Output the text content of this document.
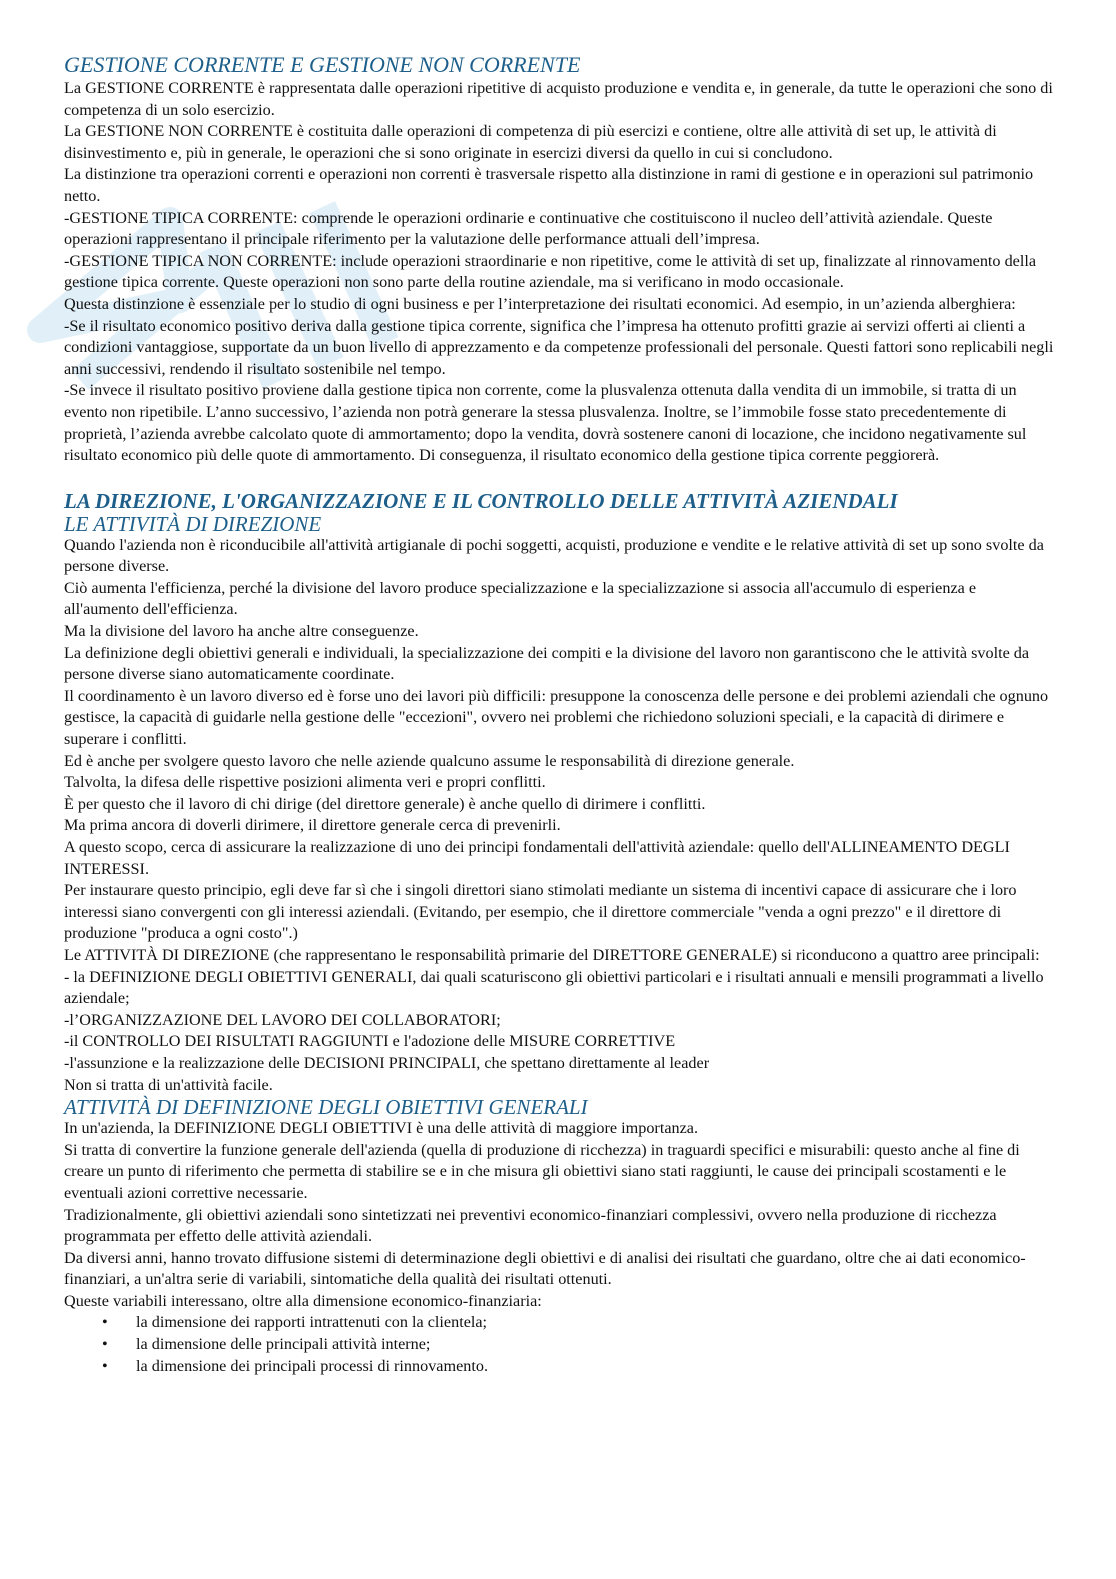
GESTIONE CORRENTE E GESTIONE NON CORRENTE

La GESTIONE CORRENTE è rappresentata dalle operazioni ripetitive di acquisto produzione e vendita e, in generale, da tutte le operazioni che sono di competenza di un solo esercizio.

La GESTIONE NON CORRENTE è costituita dalle operazioni di competenza di più esercizi e contiene, oltre alle attività di set up, le attività di disinvestimento e, più in generale, le operazioni che si sono originate in esercizi diversi da quello in cui si concludono.

La distinzione tra operazioni correnti e operazioni non correnti è trasversale rispetto alla distinzione in rami di gestione e in operazioni sul patrimonio netto.

-GESTIONE TIPICA CORRENTE: comprende le operazioni ordinarie e continuative che costituiscono il nucleo dell’attività aziendale. Queste operazioni rappresentano il principale riferimento per la valutazione delle performance attuali dell’impresa.

-GESTIONE TIPICA NON CORRENTE: include operazioni straordinarie e non ripetitive, come le attività di set up, finalizzate al rinnovamento della gestione tipica corrente. Queste operazioni non sono parte della routine aziendale, ma si verificano in modo occasionale.

Questa distinzione è essenziale per lo studio di ogni business e per l’interpretazione dei risultati economici. Ad esempio, in un’azienda alberghiera:

-Se il risultato economico positivo deriva dalla gestione tipica corrente, significa che l’impresa ha ottenuto profitti grazie ai servizi offerti ai clienti a condizioni vantaggiose, supportate da un buon livello di apprezzamento e da competenze professionali del personale. Questi fattori sono replicabili negli anni successivi, rendendo il risultato sostenibile nel tempo.

-Se invece il risultato positivo proviene dalla gestione tipica non corrente, come la plusvalenza ottenuta dalla vendita di un immobile, si tratta di un evento non ripetibile. L’anno successivo, l’azienda non potrà generare la stessa plusvalenza. Inoltre, se l’immobile fosse stato precedentemente di proprietà, l’azienda avrebbe calcolato quote di ammortamento; dopo la vendita, dovrà sostenere canoni di locazione, che incidono negativamente sul risultato economico più delle quote di ammortamento. Di conseguenza, il risultato economico della gestione tipica corrente peggiorerà.

LA DIREZIONE, L'ORGANIZZAZIONE E IL CONTROLLO DELLE ATTIVITÀ AZIENDALI
LE ATTIVITÀ DI DIREZIONE

Quando l'azienda non è riconducibile all'attività artigianale di pochi soggetti, acquisti, produzione e vendite e le relative attività di set up sono svolte da persone diverse.

Ciò aumenta l'efficienza, perché la divisione del lavoro produce specializzazione e la specializzazione si associa all'accumulo di esperienza e all'aumento dell'efficienza.

Ma la divisione del lavoro ha anche altre conseguenze.

La definizione degli obiettivi generali e individuali, la specializzazione dei compiti e la divisione del lavoro non garantiscono che le attività svolte da persone diverse siano automaticamente coordinate.

Il coordinamento è un lavoro diverso ed è forse uno dei lavori più difficili: presuppone la conoscenza delle persone e dei problemi aziendali che ognuno gestisce, la capacità di guidarle nella gestione delle "eccezioni", ovvero nei problemi che richiedono soluzioni speciali, e la capacità di dirimere e superare i conflitti.

Ed è anche per svolgere questo lavoro che nelle aziende qualcuno assume le responsabilità di direzione generale.

Talvolta, la difesa delle rispettive posizioni alimenta veri e propri conflitti.

È per questo che il lavoro di chi dirige (del direttore generale) è anche quello di dirimere i conflitti.

Ma prima ancora di doverli dirimere, il direttore generale cerca di prevenirli.

A questo scopo, cerca di assicurare la realizzazione di uno dei principi fondamentali dell'attività aziendale: quello dell'ALLINEAMENTO DEGLI INTERESSI.

Per instaurare questo principio, egli deve far sì che i singoli direttori siano stimolati mediante un sistema di incentivi capace di assicurare che i loro interessi siano convergenti con gli interessi aziendali. (Evitando, per esempio, che il direttore commerciale "venda a ogni prezzo" e il direttore di produzione "produca a ogni costo".)

Le ATTIVITÀ DI DIREZIONE (che rappresentano le responsabilità primarie del DIRETTORE GENERALE) si riconducono a quattro aree principali:

- la DEFINIZIONE DEGLI OBIETTIVI GENERALI, dai quali scaturiscono gli obiettivi particolari e i risultati annuali e mensili programmati a livello aziendale;

-l’ORGANIZZAZIONE DEL LAVORO DEI COLLABORATORI;

-il CONTROLLO DEI RISULTATI RAGGIUNTI e l'adozione delle MISURE CORRETTIVE

-l'assunzione e la realizzazione delle DECISIONI PRINCIPALI, che spettano direttamente al leader

Non si tratta di un'attività facile.

ATTIVITÀ DI DEFINIZIONE DEGLI OBIETTIVI GENERALI

In un'azienda, la DEFINIZIONE DEGLI OBIETTIVI è una delle attività di maggiore importanza.

Si tratta di convertire la funzione generale dell'azienda (quella di produzione di ricchezza) in traguardi specifici e misurabili: questo anche al fine di creare un punto di riferimento che permetta di stabilire se e in che misura gli obiettivi siano stati raggiunti, le cause dei principali scostamenti e le eventuali azioni correttive necessarie.

Tradizionalmente, gli obiettivi aziendali sono sintetizzati nei preventivi economico-finanziari complessivi, ovvero nella produzione di ricchezza programmata per effetto delle attività aziendali.

Da diversi anni, hanno trovato diffusione sistemi di determinazione degli obiettivi e di analisi dei risultati che guardano, oltre che ai dati economico-finanziari, a un'altra serie di variabili, sintomatiche della qualità dei risultati ottenuti.

Queste variabili interessano, oltre alla dimensione economico-finanziaria:

• la dimensione dei rapporti intrattenuti con la clientela;
• la dimensione delle principali attività interne;
• la dimensione dei principali processi di rinnovamento.
